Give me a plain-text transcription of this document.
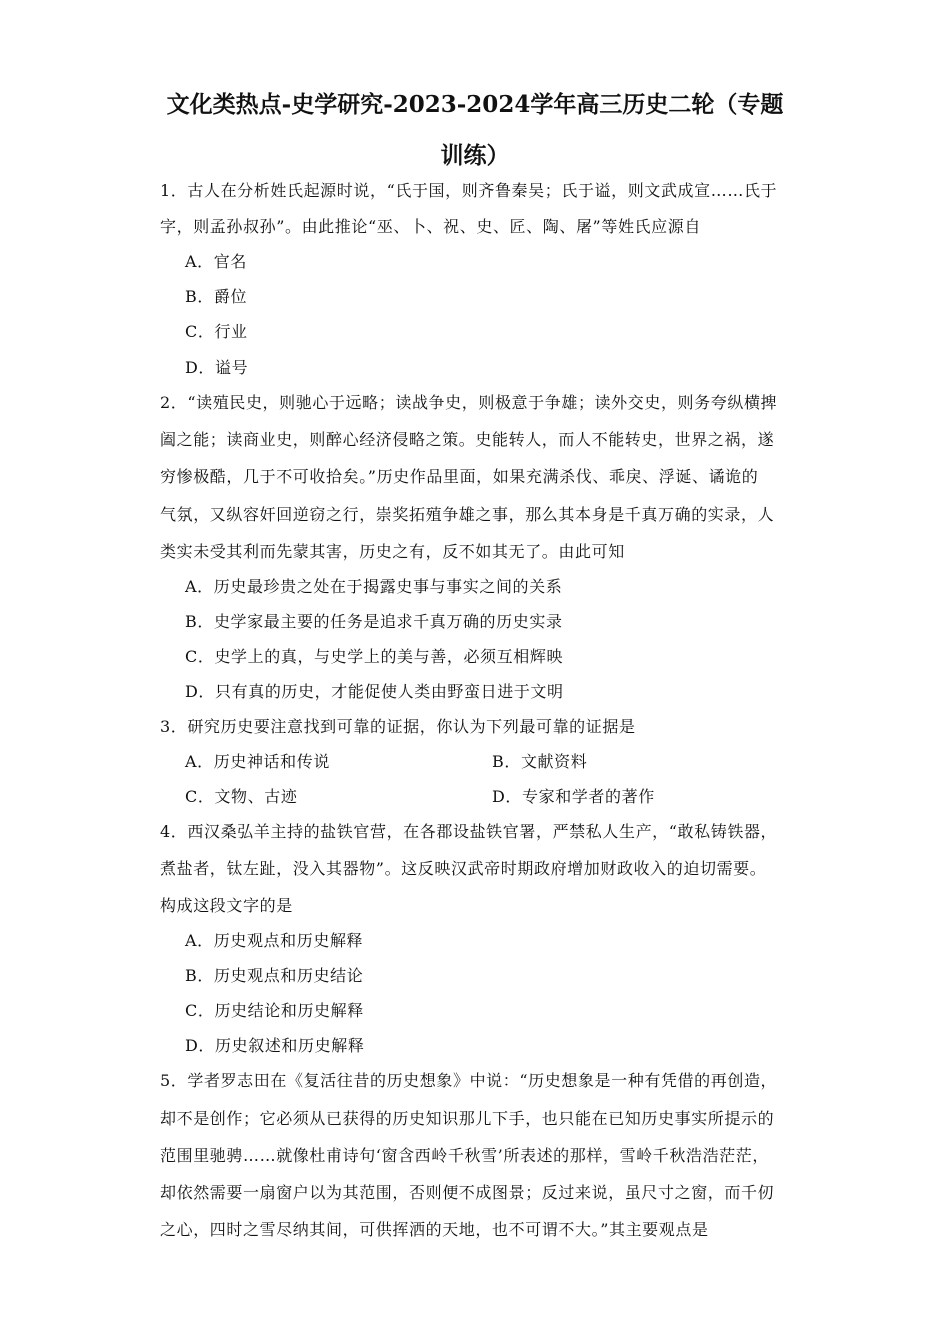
文化类热点-史学研究-2023-2024学年高三历史二轮（专题
训练）
1．古人在分析姓氏起源时说，“氏于国，则齐鲁秦吴；氏于谥，则文武成宣……氏于
字，则孟孙叔孙”。由此推论“巫、卜、祝、史、匠、陶、屠”等姓氏应源自
A．官名
B．爵位
C．行业
D．谥号
2．“读殖民史，则驰心于远略；读战争史，则极意于争雄；读外交史，则务夸纵横捭
阖之能；读商业史，则醉心经济侵略之策。史能转人，而人不能转史，世界之祸，遂
穷惨极酷，几于不可收拾矣。”历史作品里面，如果充满杀伐、乖戾、浮诞、谲诡的
气氛，又纵容奸回逆窃之行，崇奖拓殖争雄之事，那么其本身是千真万确的实录，人
类实未受其利而先蒙其害，历史之有，反不如其无了。由此可知
A．历史最珍贵之处在于揭露史事与事实之间的关系
B．史学家最主要的任务是追求千真万确的历史实录
C．史学上的真，与史学上的美与善，必须互相辉映
D．只有真的历史，才能促使人类由野蛮日进于文明
3．研究历史要注意找到可靠的证据，你认为下列最可靠的证据是
A．历史神话和传说	B．文献资料
C．文物、古迹	D．专家和学者的著作
4．西汉桑弘羊主持的盐铁官营，在各郡设盐铁官署，严禁私人生产，“敢私铸铁器，
煮盐者，钛左趾，没入其器物”。这反映汉武帝时期政府增加财政收入的迫切需要。
构成这段文字的是
A．历史观点和历史解释
B．历史观点和历史结论
C．历史结论和历史解释
D．历史叙述和历史解释
5．学者罗志田在《复活往昔的历史想象》中说：“历史想象是一种有凭借的再创造，
却不是创作；它必须从已获得的历史知识那儿下手，也只能在已知历史事实所提示的
范围里驰骋……就像杜甫诗句‘窗含西岭千秋雪’所表述的那样，雪岭千秋浩浩茫茫，
却依然需要一扇窗户以为其范围，否则便不成图景；反过来说，虽尺寸之窗，而千仞
之心，四时之雪尽纳其间，可供挥洒的天地，也不可谓不大。”其主要观点是
